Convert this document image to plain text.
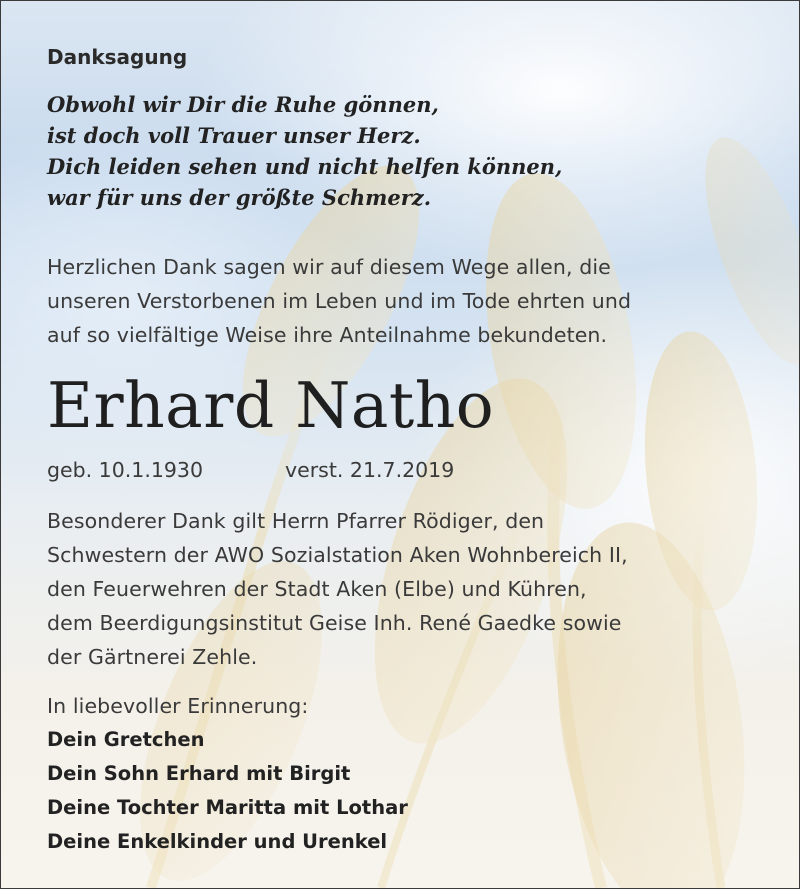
Danksagung

Obwohl wir Dir die Ruhe gönnen,
ist doch voll Trauer unser Herz.
Dich leiden sehen und nicht helfen können,
war für uns der größte Schmerz.
Herzlichen Dank sagen wir auf diesem Wege allen, die
unseren Verstorbenen im Leben und im Tode ehrten und
auf so vielfältige Weise ihre Anteilnahme bekundeten.

Erhard Natho

geb. 10.1.1930	verst. 21.7.2019
Besonderer Dank gilt Herrn Pfarrer Rödiger, den
Schwestern der AWO Sozialstation Aken Wohnbereich II,
den Feuerwehren der Stadt Aken (Elbe) und Kühren,
dem Beerdigungsinstitut Geise Inh. René Gaedke sowie
der Gärtnerei Zehle.
In liebevoller Erinnerung:
Dein Gretchen
Dein Sohn Erhard mit Birgit
Deine Tochter Maritta mit Lothar
Deine Enkelkinder und Urenkel
